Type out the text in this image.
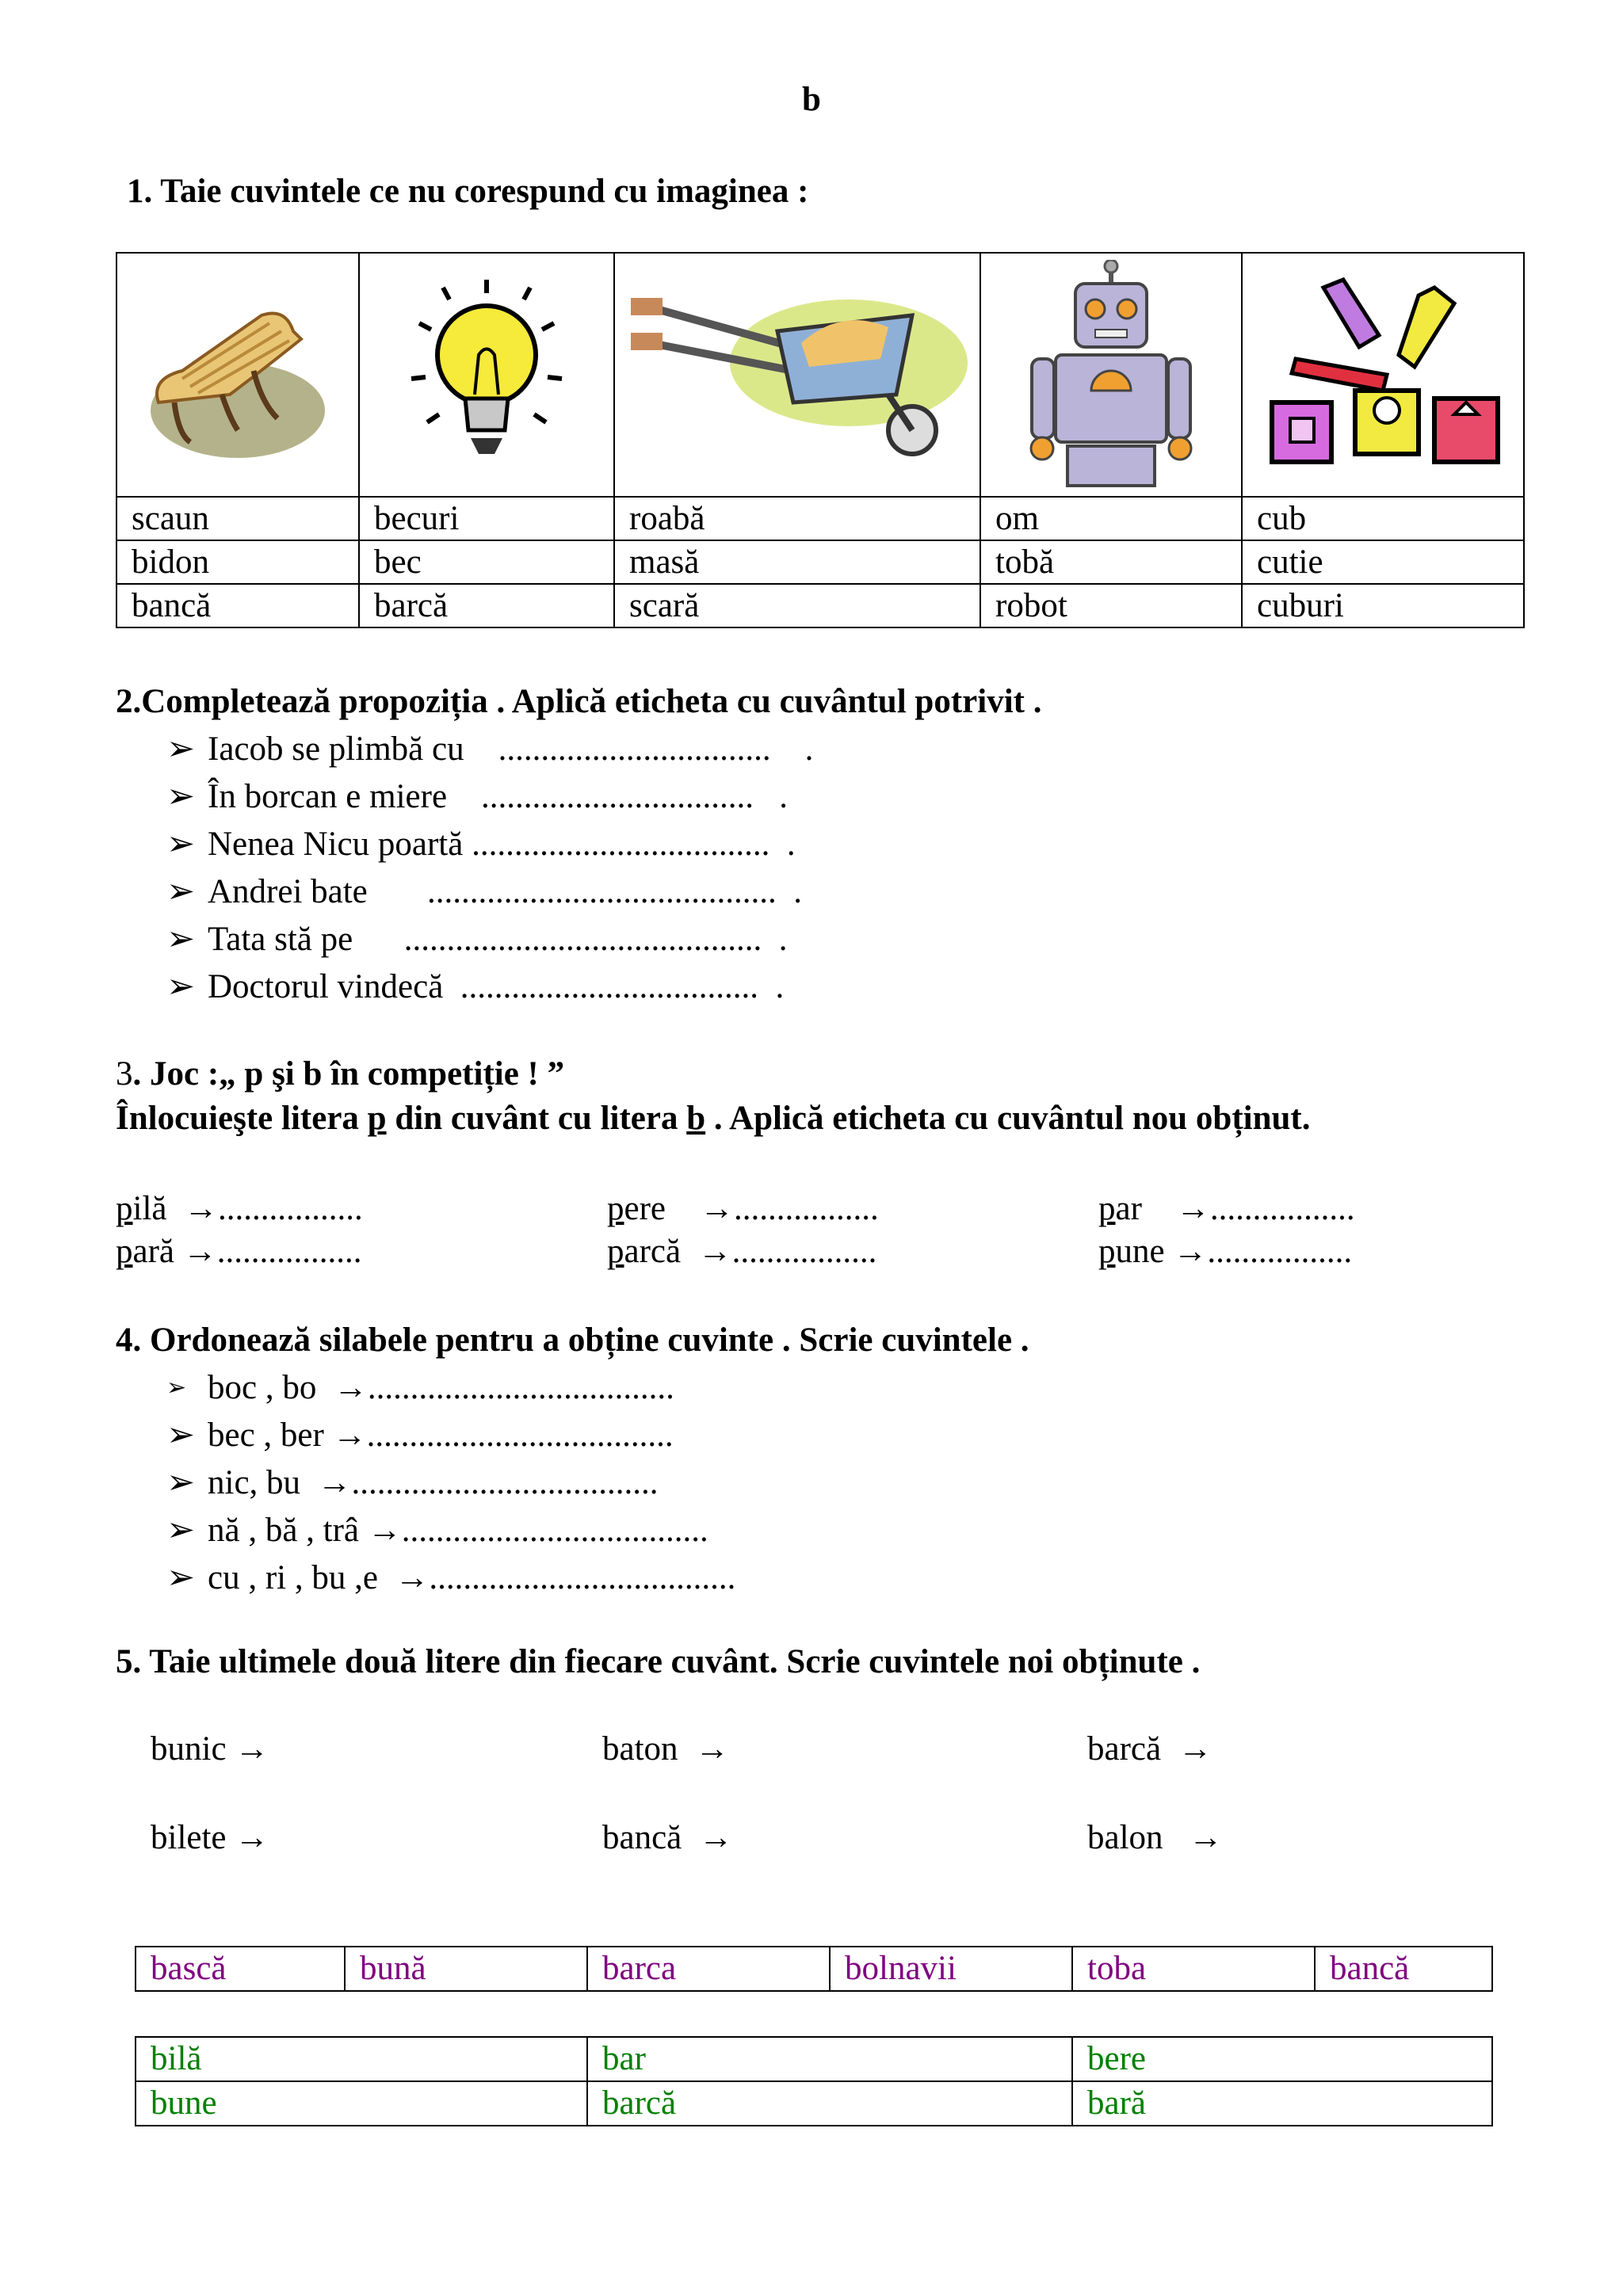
b
1. Taie cuvintele ce nu corespund cu imaginea :

scaun	becuri	roabă	om	cub
bidon	bec	masă	tobă	cutie
bancă	barcă	scară	robot	cuburi
2.Completează propoziția . Aplică eticheta cu cuvântul potrivit .
➢ Iacob se plimbă cu    ................................    .
➢ În borcan e miere    ................................   .
➢ Nenea Nicu poartă ...................................  .
➢ Andrei bate       .........................................  .
➢ Tata stă pe      ..........................................  .
➢ Doctorul vindecă  ...................................  .
3. Joc :„ p şi b în competiție ! ”
Înlocuieşte litera p din cuvânt cu litera b . Aplică eticheta cu cuvântul nou obținut.
pilă  →.................	pere    →.................	par    →.................
pară →.................	parcă  →.................	pune →.................
4. Ordonează silabele pentru a obține cuvinte . Scrie cuvintele .
➢ boc , bo  →....................................
➢ bec , ber →....................................
➢ nic, bu  →....................................
➢ nă , bă , trâ →....................................
➢ cu , ri , bu ,e  →....................................
5. Taie ultimele două litere din fiecare cuvânt. Scrie cuvintele noi obținute .
bunic →	baton  →	barcă  →
bilete →	bancă  →	balon   →
bască	bună	barca	bolnavii	toba	bancă
bilă	bar	bere
bune	barcă	bară
